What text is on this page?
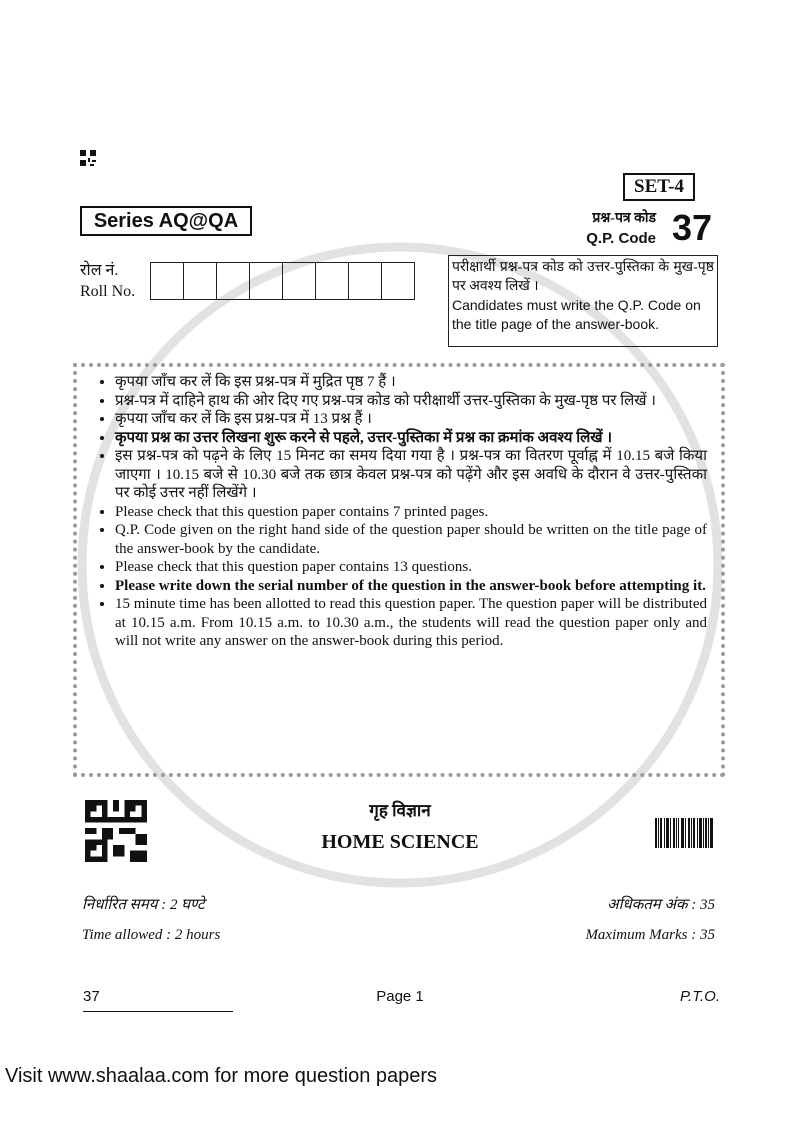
SET-4
Series AQ@QA	प्रश्न-पत्र कोड
Q.P. Code 37
रोल नं.
Roll No.
परीक्षार्थी प्रश्न-पत्र कोड को उत्तर-पुस्तिका के मुख-पृष्ठ पर अवश्य लिखें ।
Candidates must write the Q.P. Code on the title page of the answer-book.
• कृपया जाँच कर लें कि इस प्रश्न-पत्र में मुद्रित पृष्ठ 7 हैं ।
• प्रश्न-पत्र में दाहिने हाथ की ओर दिए गए प्रश्न-पत्र कोड को परीक्षार्थी उत्तर-पुस्तिका के मुख-पृष्ठ पर लिखें ।
• कृपया जाँच कर लें कि इस प्रश्न-पत्र में 13 प्रश्न हैं ।
• कृपया प्रश्न का उत्तर लिखना शुरू करने से पहले, उत्तर-पुस्तिका में प्रश्न का क्रमांक अवश्य लिखें ।
• इस प्रश्न-पत्र को पढ़ने के लिए 15 मिनट का समय दिया गया है । प्रश्न-पत्र का वितरण पूर्वाह्न में 10.15 बजे किया जाएगा । 10.15 बजे से 10.30 बजे तक छात्र केवल प्रश्न-पत्र को पढ़ेंगे और इस अवधि के दौरान वे उत्तर-पुस्तिका पर कोई उत्तर नहीं लिखेंगे ।
• Please check that this question paper contains 7 printed pages.
• Q.P. Code given on the right hand side of the question paper should be written on the title page of the answer-book by the candidate.
• Please check that this question paper contains 13 questions.
• Please write down the serial number of the question in the answer-book before attempting it.
• 15 minute time has been allotted to read this question paper. The question paper will be distributed at 10.15 a.m. From 10.15 a.m. to 10.30 a.m., the students will read the question paper only and will not write any answer on the answer-book during this period.
गृह विज्ञान
HOME SCIENCE
निर्धारित समय : 2 घण्टे
Time allowed : 2 hours
अधिकतम अंक : 35
Maximum Marks : 35
37	Page 1	P.T.O.
Visit www.shaalaa.com for more question papers
